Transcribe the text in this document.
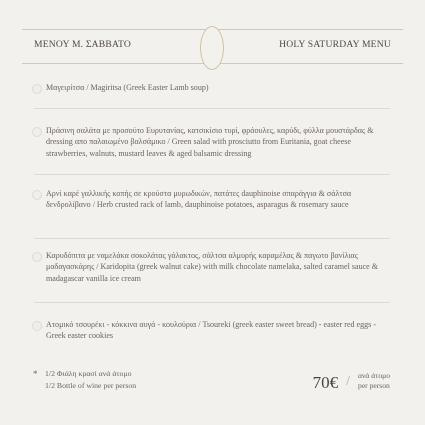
ΜΕΝΟΥ Μ. ΣΑΒΒΑΤΟ	HOLY SATURDAY MENU

Μαγειρίτσα / Magiritsa (Greek Easter Lamb soup)

Πράσινη σαλάτα με προσούτο Ευρυτανίας, κατσικίσιο τυρί, φράουλες, καρύδι, φύλλα μουστάρδας & dressing απο παλαιωμένο βαλσάμικο / Green salad with prosciutto from Euritania, goat cheese strawberries, walnuts, mustard leaves & aged balsamic dressing

Αρνί καρέ γαλλικής κοπής σε κρούστα μυρωδικών, πατάτες dauphinoise σπαράγγια & σάλτσα δενδρολίβανο / Herb crusted rack of lamb, dauphinoise potatoes, asparagus & rosemary sauce

Καρυδόπιτα με ναμελάκα σοκολάτας γάλακτος, σάλτσα αλμυρής καραμέλας & παγωτο βανίλιας μαδαγασκάρης / Karidopita (greek walnut cake) with milk chocolate namelaka, salted caramel sauce & madagascar vanilla ice cream

Ατομικό τσουρέκι - κόκκινα αυγά - κουλούρια / Tsoureki (greek easter sweet bread) - easter red eggs - Greek easter cookies

* 1/2 Φιάλη κρασί ανά άτομο
1/2 Bottle of wine per person	70€ / ανά άτομο
per person
